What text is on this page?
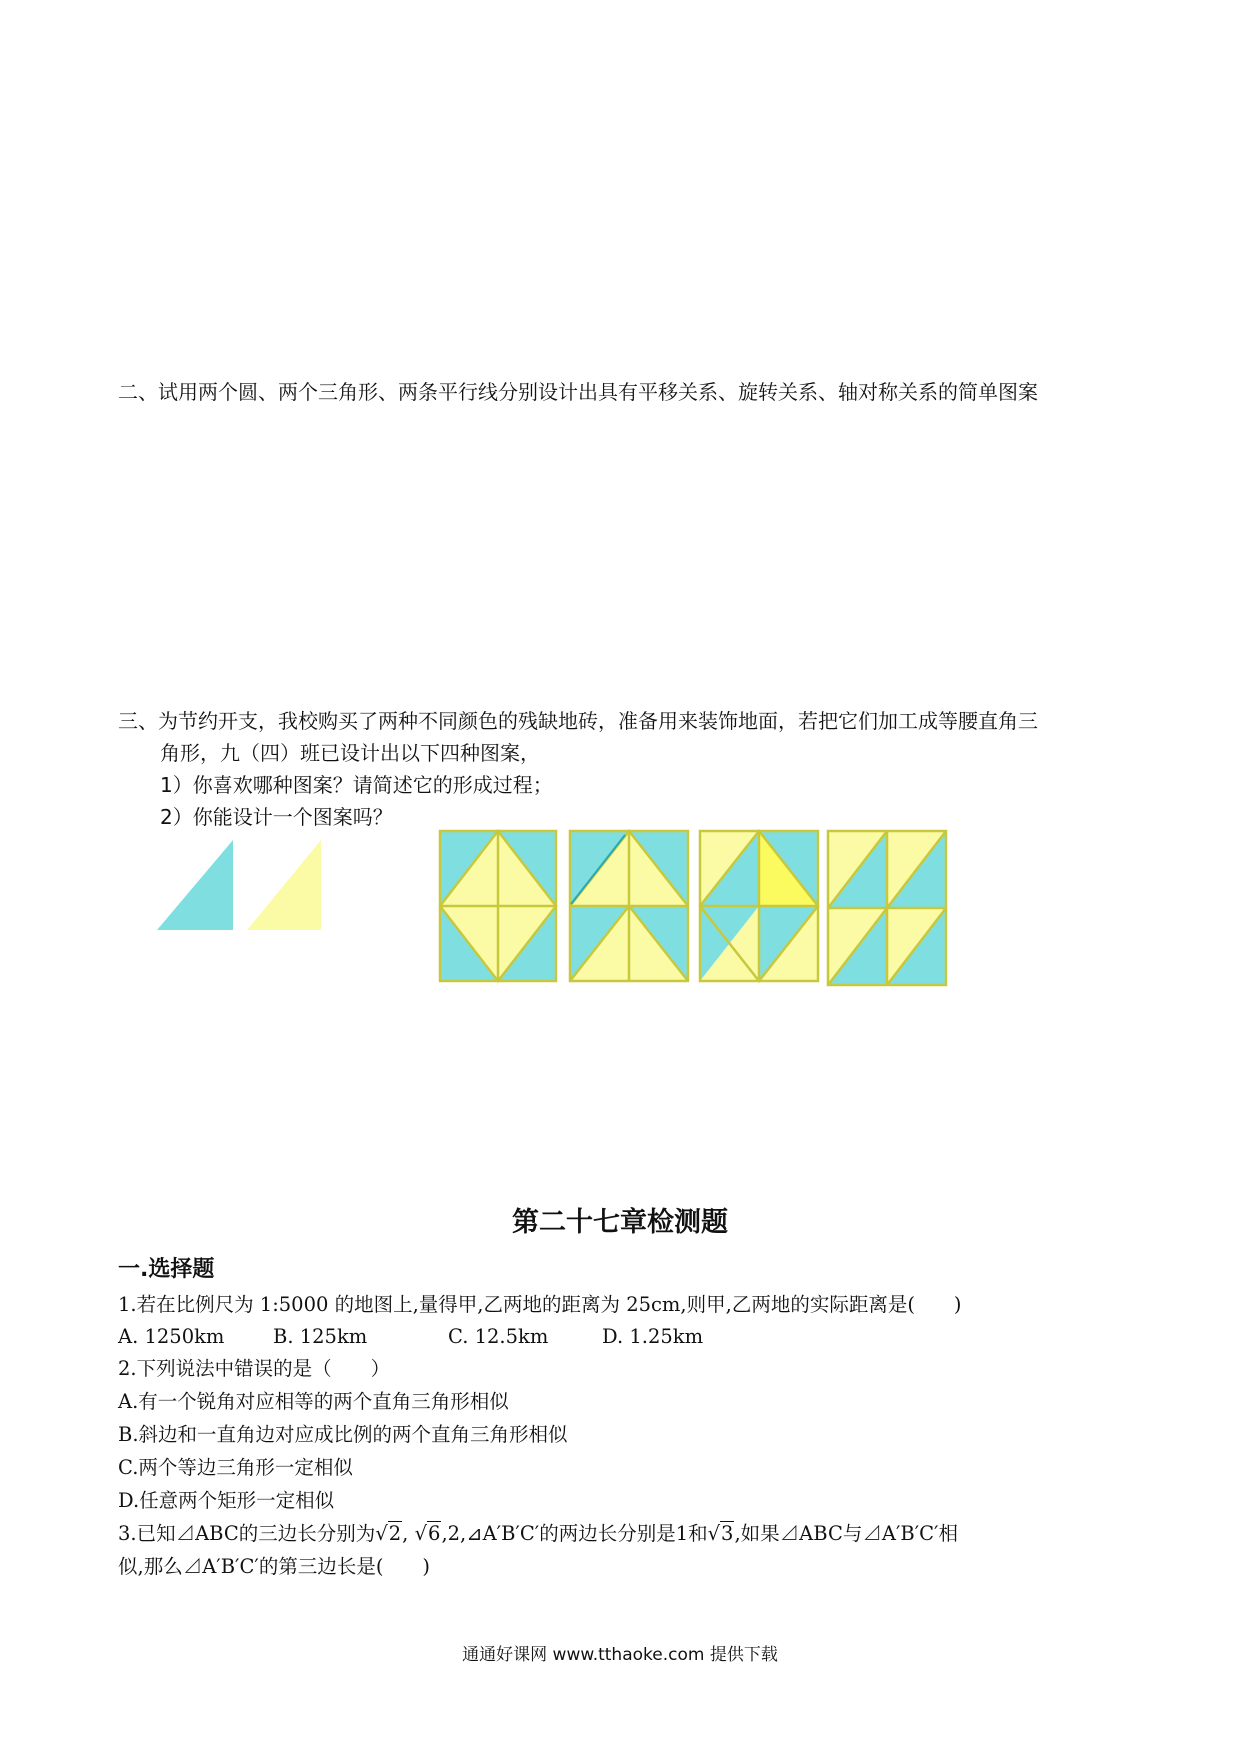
二、试用两个圆、两个三角形、两条平行线分别设计出具有平移关系、旋转关系、轴对称关系的简单图案
三、为节约开支，我校购买了两种不同颜色的残缺地砖，准备用来装饰地面，若把它们加工成等腰直角三
角形，九（四）班已设计出以下四种图案，
1）你喜欢哪种图案？请简述它的形成过程；
2）你能设计一个图案吗？
第二十七章检测题
一.选择题
1.若在比例尺为 1:5000 的地图上,量得甲,乙两地的距离为 25cm,则甲,乙两地的实际距离是(　　)
A. 1250km B. 125km	C. 12.5km	D. 1.25km
2.下列说法中错误的是（　　）
A.有一个锐角对应相等的两个直角三角形相似
B.斜边和一直角边对应成比例的两个直角三角形相似
C.两个等边三角形一定相似
D.任意两个矩形一定相似
3.已知⊿ABC的三边长分别为√2, √6,2,⊿A′B′C′的两边长分别是1和√3,如果⊿ABC与⊿A′B′C′相
似,那么⊿A′B′C′的第三边长是(　　)
通通好课网 www.tthaoke.com 提供下载
